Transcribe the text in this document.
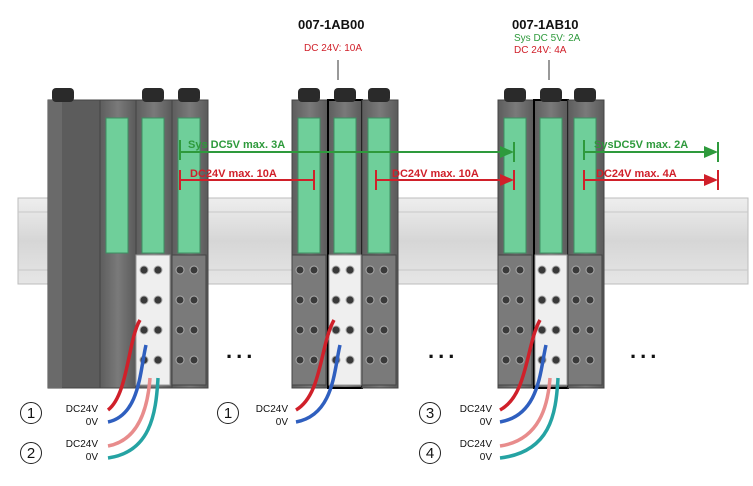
007-1AB00
DC 24V: 10A
007-1AB10
Sys DC 5V: 2A
DC 24V: 4A
Sys DC5V max. 3A
DC24V max. 10A	DC24V max. 10A
SysDC5V max. 2A
DC24V max. 4A
...	...	...
1
2
1	3
4
DC24V
0V
DC24V
0V
DC24V
0V
DC24V
0V
DC24V
0V
